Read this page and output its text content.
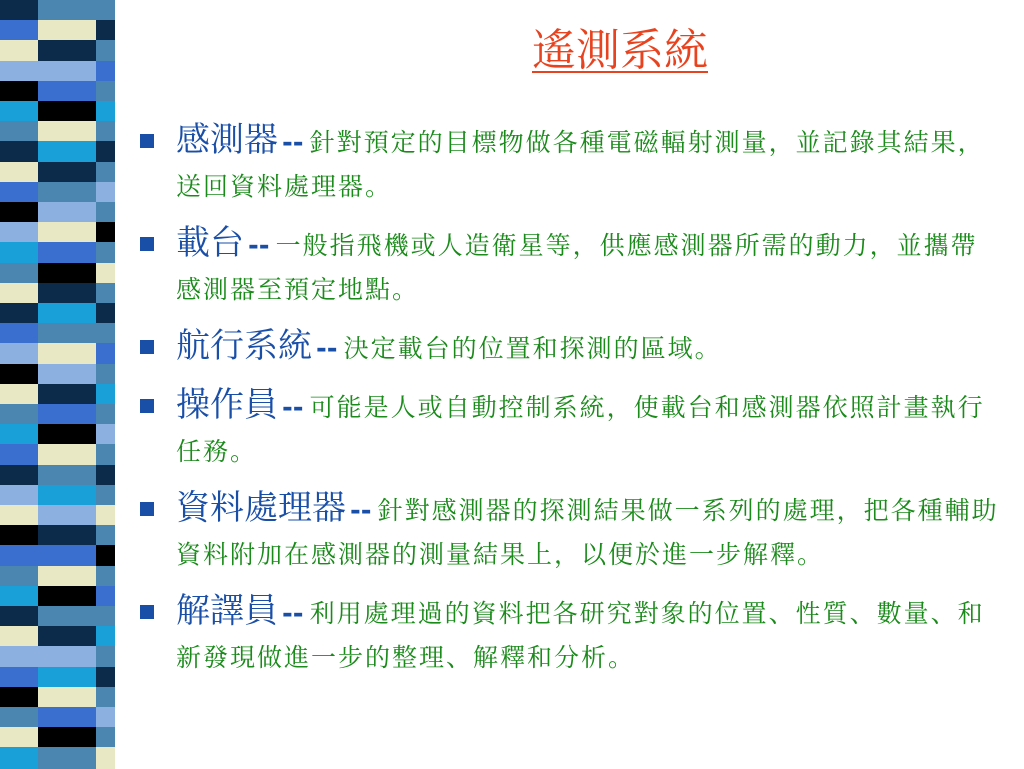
遙測系統
感測器 -- 針對預定的目標物做各種電磁輻射測量，並記錄其結果，送回資料處理器。
載台 -- 一般指飛機或人造衛星等，供應感測器所需的動力，並攜帶感測器至預定地點。
航行系統 -- 決定載台的位置和探測的區域。
操作員 -- 可能是人或自動控制系統，使載台和感測器依照計畫執行任務。
資料處理器 -- 針對感測器的探測結果做一系列的處理，把各種輔助資料附加在感測器的測量結果上，以便於進一步解釋。
解譯員 -- 利用處理過的資料把各研究對象的位置、性質、數量、和新發現做進一步的整理、解釋和分析。
